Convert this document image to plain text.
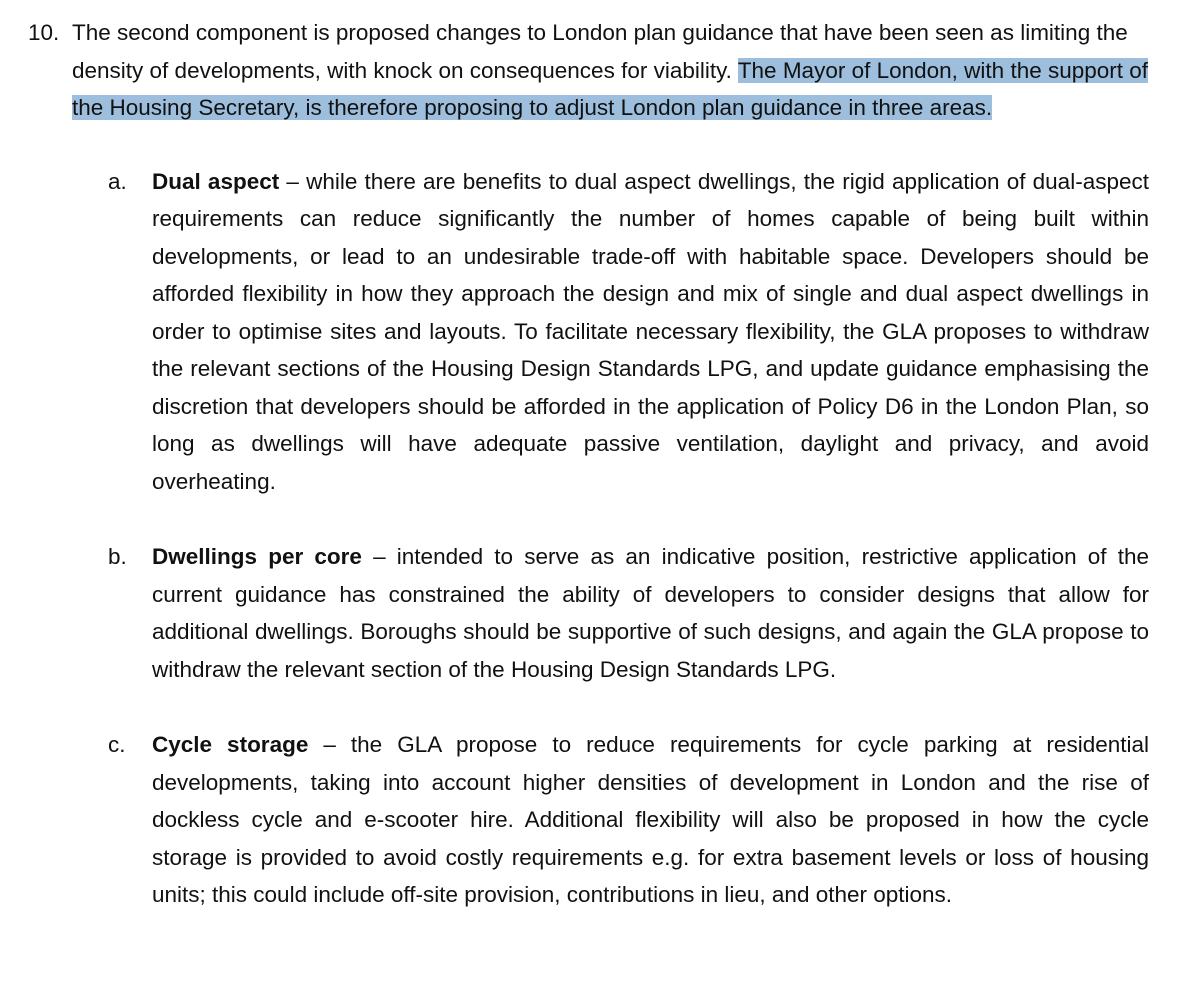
10. The second component is proposed changes to London plan guidance that have been seen as limiting the density of developments, with knock on consequences for viability. The Mayor of London, with the support of the Housing Secretary, is therefore proposing to adjust London plan guidance in three areas.
a. Dual aspect – while there are benefits to dual aspect dwellings, the rigid application of dual-aspect requirements can reduce significantly the number of homes capable of being built within developments, or lead to an undesirable trade-off with habitable space. Developers should be afforded flexibility in how they approach the design and mix of single and dual aspect dwellings in order to optimise sites and layouts. To facilitate necessary flexibility, the GLA proposes to withdraw the relevant sections of the Housing Design Standards LPG, and update guidance emphasising the discretion that developers should be afforded in the application of Policy D6 in the London Plan, so long as dwellings will have adequate passive ventilation, daylight and privacy, and avoid overheating.
b. Dwellings per core – intended to serve as an indicative position, restrictive application of the current guidance has constrained the ability of developers to consider designs that allow for additional dwellings. Boroughs should be supportive of such designs, and again the GLA propose to withdraw the relevant section of the Housing Design Standards LPG.
c. Cycle storage – the GLA propose to reduce requirements for cycle parking at residential developments, taking into account higher densities of development in London and the rise of dockless cycle and e-scooter hire. Additional flexibility will also be proposed in how the cycle storage is provided to avoid costly requirements e.g. for extra basement levels or loss of housing units; this could include off-site provision, contributions in lieu, and other options.
